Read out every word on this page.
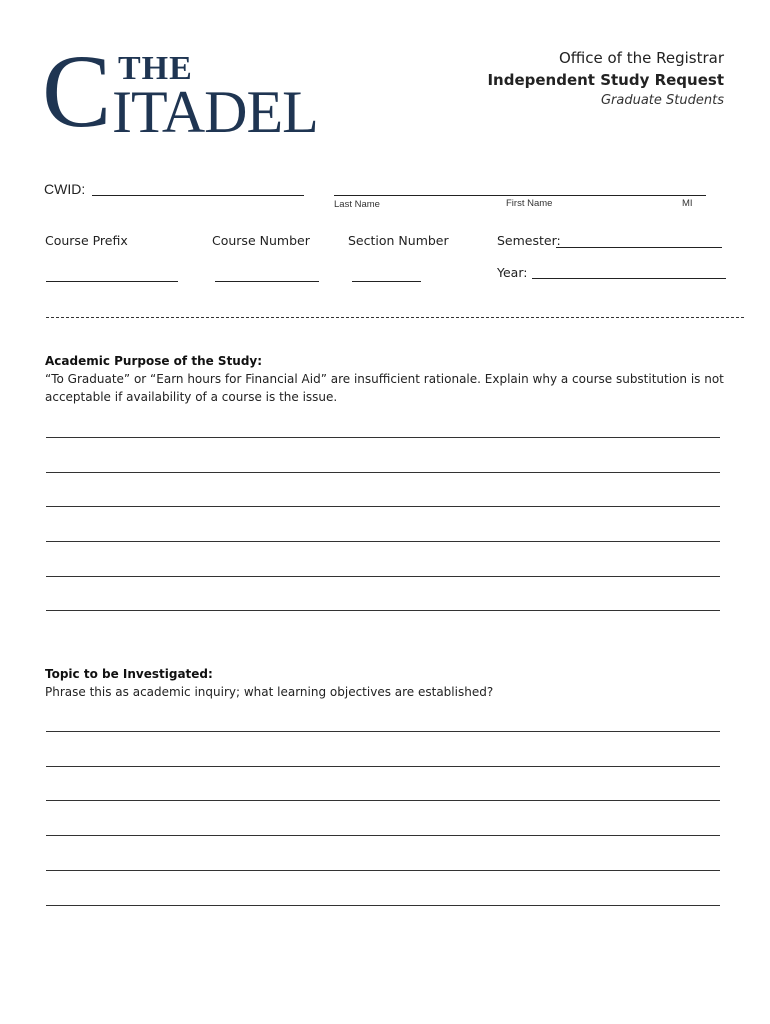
C THE
ITADEL
Office of the Registrar
Independent Study Request
Graduate Students
CWID:
Last Name	First Name	MI
Course Prefix	Course Number	Section Number	Semester:
Year:
Academic Purpose of the Study:
“To Graduate” or “Earn hours for Financial Aid” are insufficient rationale. Explain why a course substitution is not acceptable if availability of a course is the issue.
Topic to be Investigated:
Phrase this as academic inquiry; what learning objectives are established?
